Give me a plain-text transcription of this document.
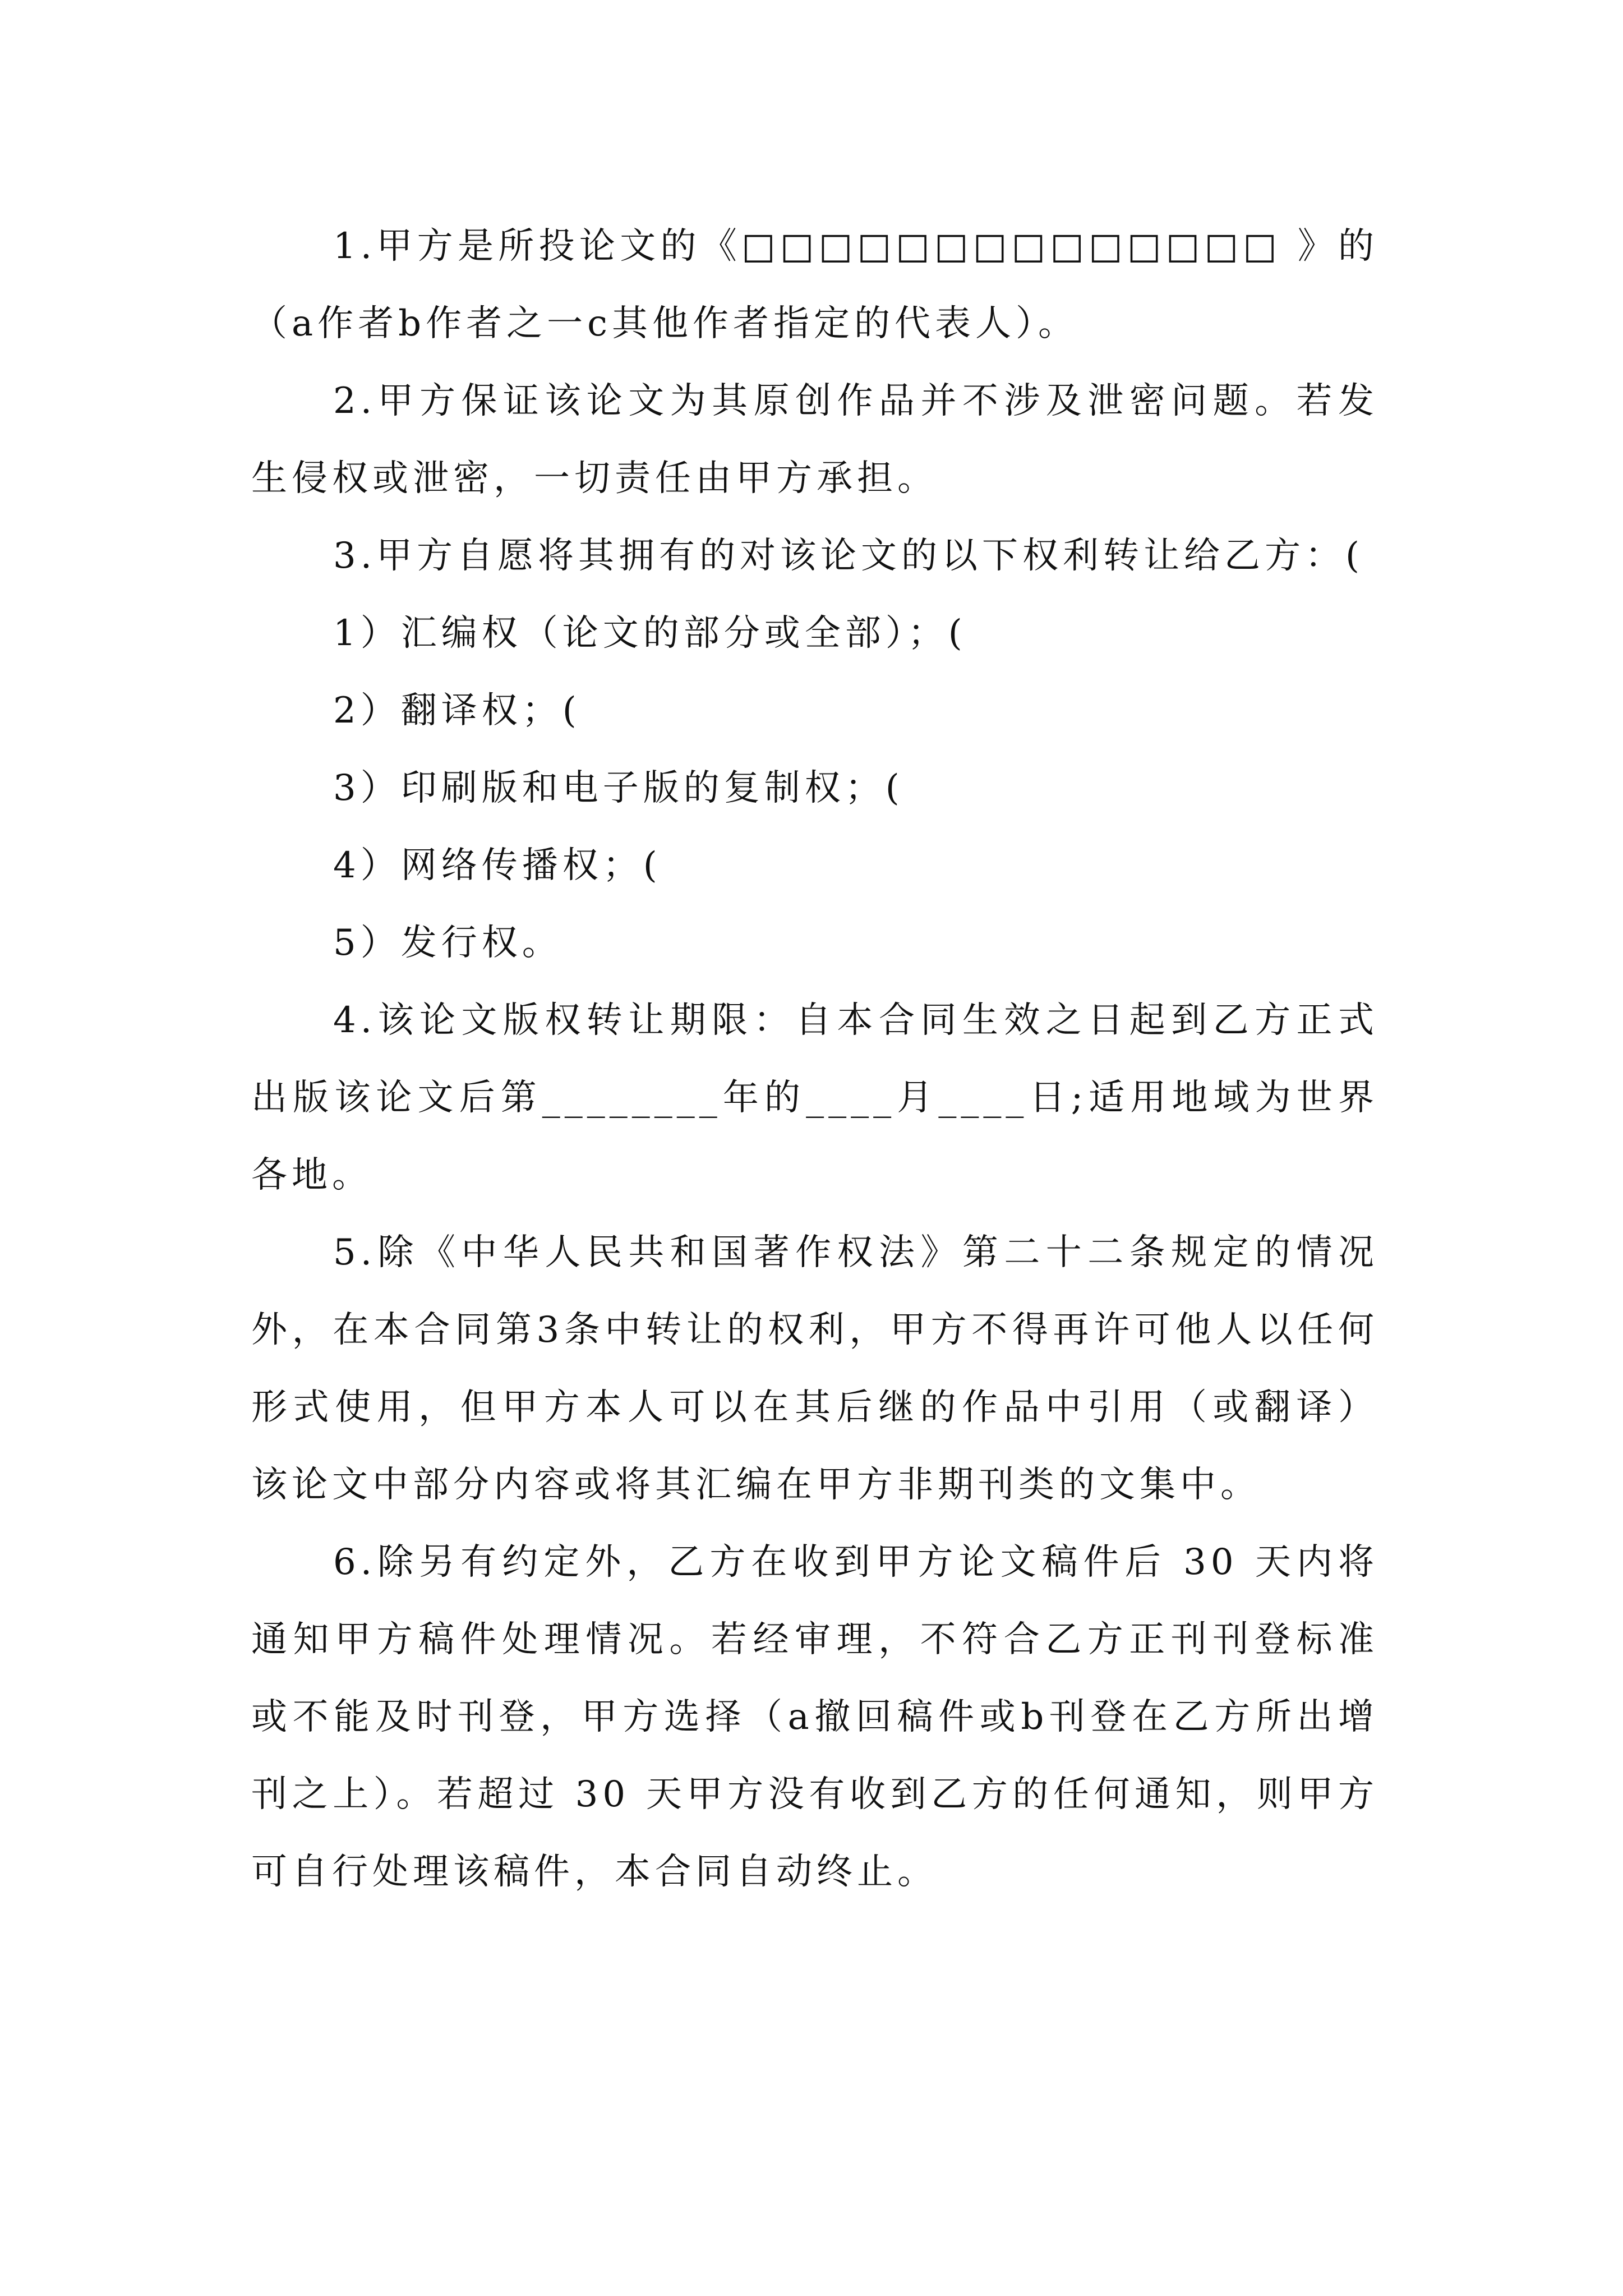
1.甲方是所投论文的《□□□□□□□□□□□□□□ 》的（a作者b作者之一c其他作者指定的代表人）。

2.甲方保证该论文为其原创作品并不涉及泄密问题。若发生侵权或泄密，一切责任由甲方承担。

3.甲方自愿将其拥有的对该论文的以下权利转让给乙方：(

1）汇编权（论文的部分或全部）；(

2）翻译权；(

3）印刷版和电子版的复制权；(

4）网络传播权；(

5）发行权。

4.该论文版权转让期限：自本合同生效之日起到乙方正式出版该论文后第________年的____月____日;适用地域为世界各地。

5.除《中华人民共和国著作权法》第二十二条规定的情况外，在本合同第3条中转让的权利，甲方不得再许可他人以任何形式使用，但甲方本人可以在其后继的作品中引用（或翻译）该论文中部分内容或将其汇编在甲方非期刊类的文集中。

6.除另有约定外，乙方在收到甲方论文稿件后 30 天内将通知甲方稿件处理情况。若经审理，不符合乙方正刊刊登标准或不能及时刊登，甲方选择（a撤回稿件或b刊登在乙方所出增刊之上）。若超过 30 天甲方没有收到乙方的任何通知，则甲方可自行处理该稿件，本合同自动终止。
